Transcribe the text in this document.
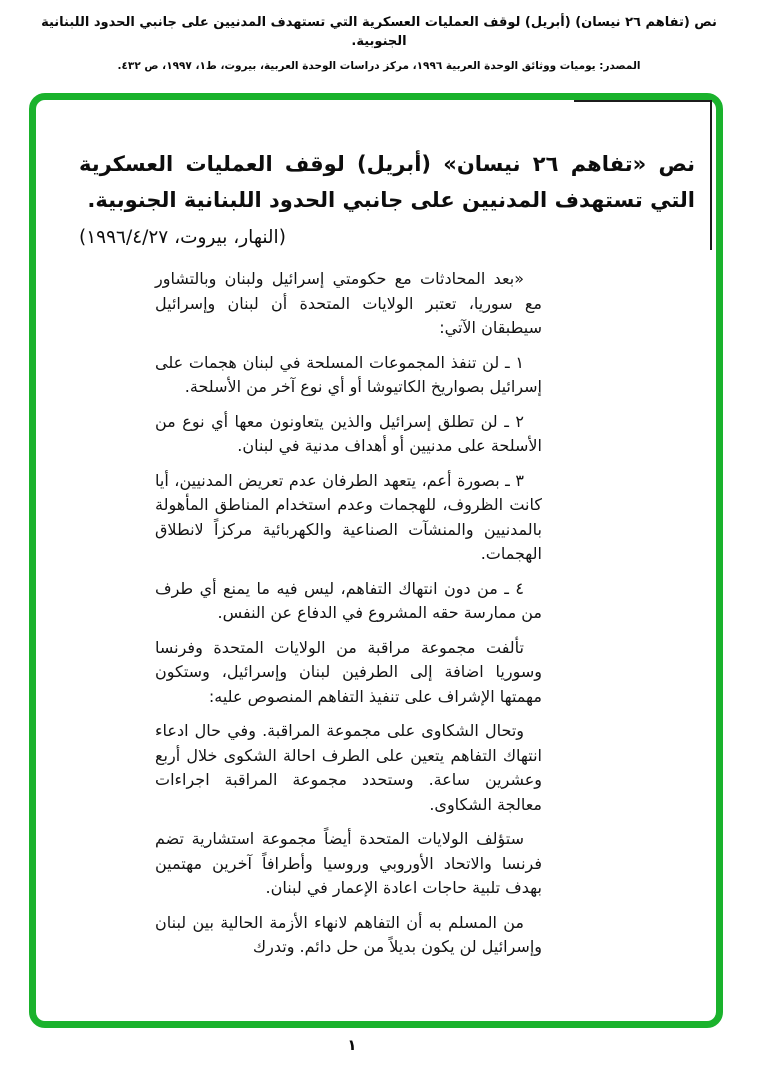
نص (تفاهم ٢٦ نيسان) (أبريل) لوقف العمليات العسكرية التي تستهدف المدنيين على جانبي الحدود اللبنانية الجنوبية.
المصدر: يوميات ووثائق الوحدة العربية ١٩٩٦، مركز دراسات الوحدة العربية، بيروت، ط١، ١٩٩٧، ص ٤٣٢.
نص «تفاهم ٢٦ نيسان» (أبريل) لوقف العمليات العسكرية التي تستهدف المدنيين على جانبي الحدود اللبنانية الجنوبية.
(النهار، بيروت، ١٩٩٦/٤/٢٧)

«بعد المحادثات مع حكومتي إسرائيل ولبنان وبالتشاور مع سوريا، تعتبر الولايات المتحدة أن لبنان وإسرائيل سيطبقان الآتي:

١ ـ لن تنفذ المجموعات المسلحة في لبنان هجمات على إسرائيل بصواريخ الكاتيوشا أو أي نوع آخر من الأسلحة.

٢ ـ لن تطلق إسرائيل والذين يتعاونون معها أي نوع من الأسلحة على مدنيين أو أهداف مدنية في لبنان.

٣ ـ بصورة أعم، يتعهد الطرفان عدم تعريض المدنيين، أيا كانت الظروف، للهجمات وعدم استخدام المناطق المأهولة بالمدنيين والمنشآت الصناعية والكهربائية مركزاً لانطلاق الهجمات.

٤ ـ من دون انتهاك التفاهم، ليس فيه ما يمنع أي طرف من ممارسة حقه المشروع في الدفاع عن النفس.

تألفت مجموعة مراقبة من الولايات المتحدة وفرنسا وسوريا اضافة إلى الطرفين لبنان وإسرائيل، وستكون مهمتها الإشراف على تنفيذ التفاهم المنصوص عليه:

وتحال الشكاوى على مجموعة المراقبة. وفي حال ادعاء انتهاك التفاهم يتعين على الطرف احالة الشكوى خلال أربع وعشرين ساعة. وستحدد مجموعة المراقبة اجراءات معالجة الشكاوى.

ستؤلف الولايات المتحدة أيضاً مجموعة استشارية تضم فرنسا والاتحاد الأوروبي وروسيا وأطرافاً آخرين مهتمين بهدف تلبية حاجات اعادة الإعمار في لبنان.

من المسلم به أن التفاهم لانهاء الأزمة الحالية بين لبنان وإسرائيل لن يكون بديلاً من حل دائم. وتدرك

١
